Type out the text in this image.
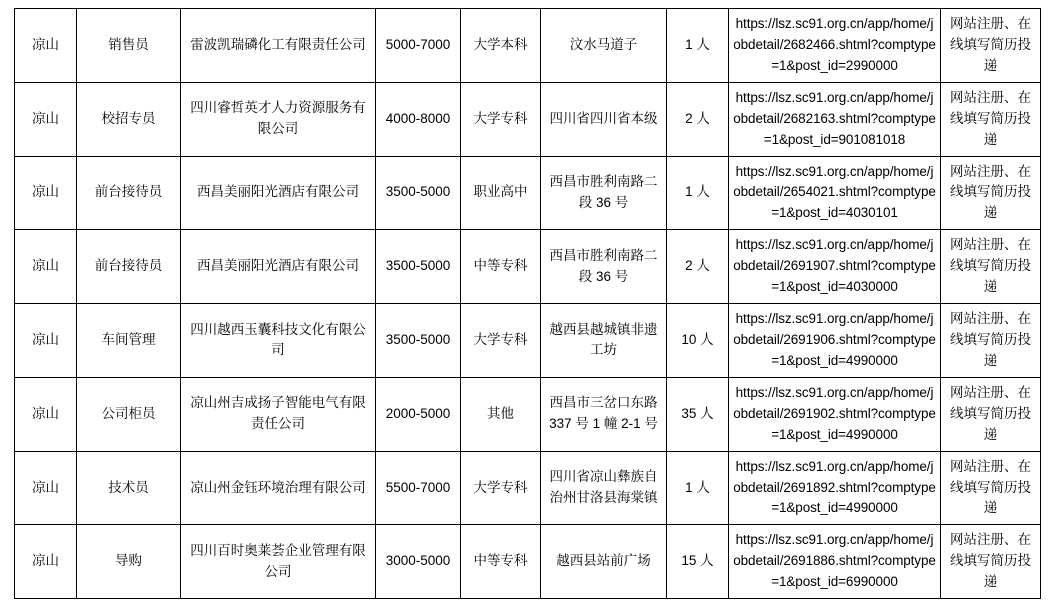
凉山	销售员	雷波凯瑞磷化工有限责任公司	5000-7000	大学本科	汶水马道子	1 人	https://lsz.sc91.org.cn/app/home/jobdetail/2682466.shtml?comptype=1&post_id=2990000	网站注册、在线填写简历投递
凉山	校招专员	四川睿哲英才人力资源服务有限公司	4000-8000	大学专科	四川省四川省本级	2 人	https://lsz.sc91.org.cn/app/home/jobdetail/2682163.shtml?comptype=1&post_id=901081018	网站注册、在线填写简历投递
凉山	前台接待员	西昌美丽阳光酒店有限公司	3500-5000	职业高中	西昌市胜利南路二段 36 号	1 人	https://lsz.sc91.org.cn/app/home/jobdetail/2654021.shtml?comptype=1&post_id=4030101	网站注册、在线填写简历投递
凉山	前台接待员	西昌美丽阳光酒店有限公司	3500-5000	中等专科	西昌市胜利南路二段 36 号	2 人	https://lsz.sc91.org.cn/app/home/jobdetail/2691907.shtml?comptype=1&post_id=4030000	网站注册、在线填写简历投递
凉山	车间管理	四川越西玉囊科技文化有限公司	3500-5000	大学专科	越西县越城镇非遗工坊	10 人	https://lsz.sc91.org.cn/app/home/jobdetail/2691906.shtml?comptype=1&post_id=4990000	网站注册、在线填写简历投递
凉山	公司柜员	凉山州吉成扬子智能电气有限责任公司	2000-5000	其他	西昌市三岔口东路 337 号 1 幢 2-1 号	35 人	https://lsz.sc91.org.cn/app/home/jobdetail/2691902.shtml?comptype=1&post_id=4990000	网站注册、在线填写简历投递
凉山	技术员	凉山州金钰环境治理有限公司	5500-7000	大学专科	四川省凉山彝族自治州甘洛县海棠镇	1 人	https://lsz.sc91.org.cn/app/home/jobdetail/2691892.shtml?comptype=1&post_id=4990000	网站注册、在线填写简历投递
凉山	导购	四川百时奥莱荟企业管理有限公司	3000-5000	中等专科	越西县站前广场	15 人	https://lsz.sc91.org.cn/app/home/jobdetail/2691886.shtml?comptype=1&post_id=6990000	网站注册、在线填写简历投递
